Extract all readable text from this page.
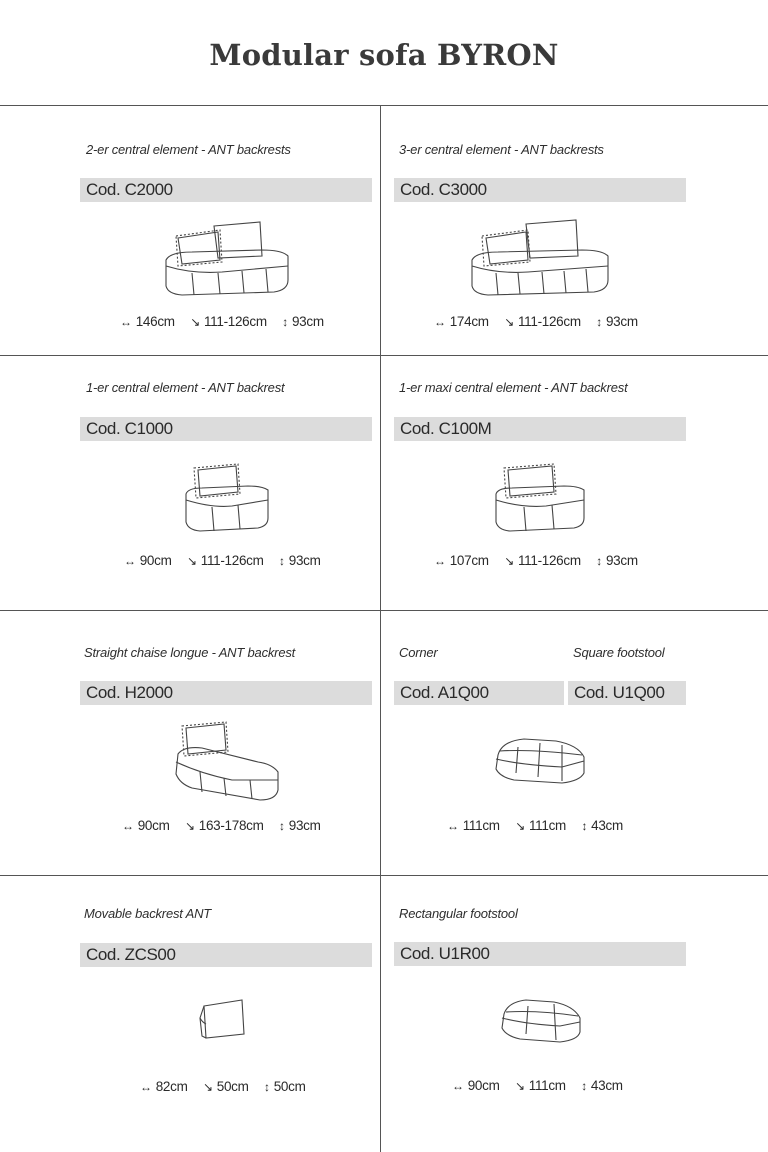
Modular sofa BYRON
2-er central element - ANT backrests
Cod. C2000
↔ 146cm ↘ 111-126cm ↕ 93cm
3-er central element - ANT backrests
Cod. C3000
↔ 174cm ↘ 111-126cm ↕ 93cm
1-er central element - ANT backrest
Cod. C1000
↔ 90cm ↘ 111-126cm ↕ 93cm
1-er maxi central element - ANT backrest
Cod. C100M
↔ 107cm ↘ 111-126cm ↕ 93cm
Straight chaise longue - ANT backrest
Cod. H2000
↔ 90cm ↘ 163-178cm ↕ 93cm
Corner	Square footstool
Cod. A1Q00	Cod. U1Q00
↔ 111cm ↘ 111cm ↕ 43cm
Movable backrest ANT
Cod. ZCS00
↔ 82cm ↘ 50cm ↕ 50cm
Rectangular footstool
Cod. U1R00
↔ 90cm ↘ 111cm ↕ 43cm
